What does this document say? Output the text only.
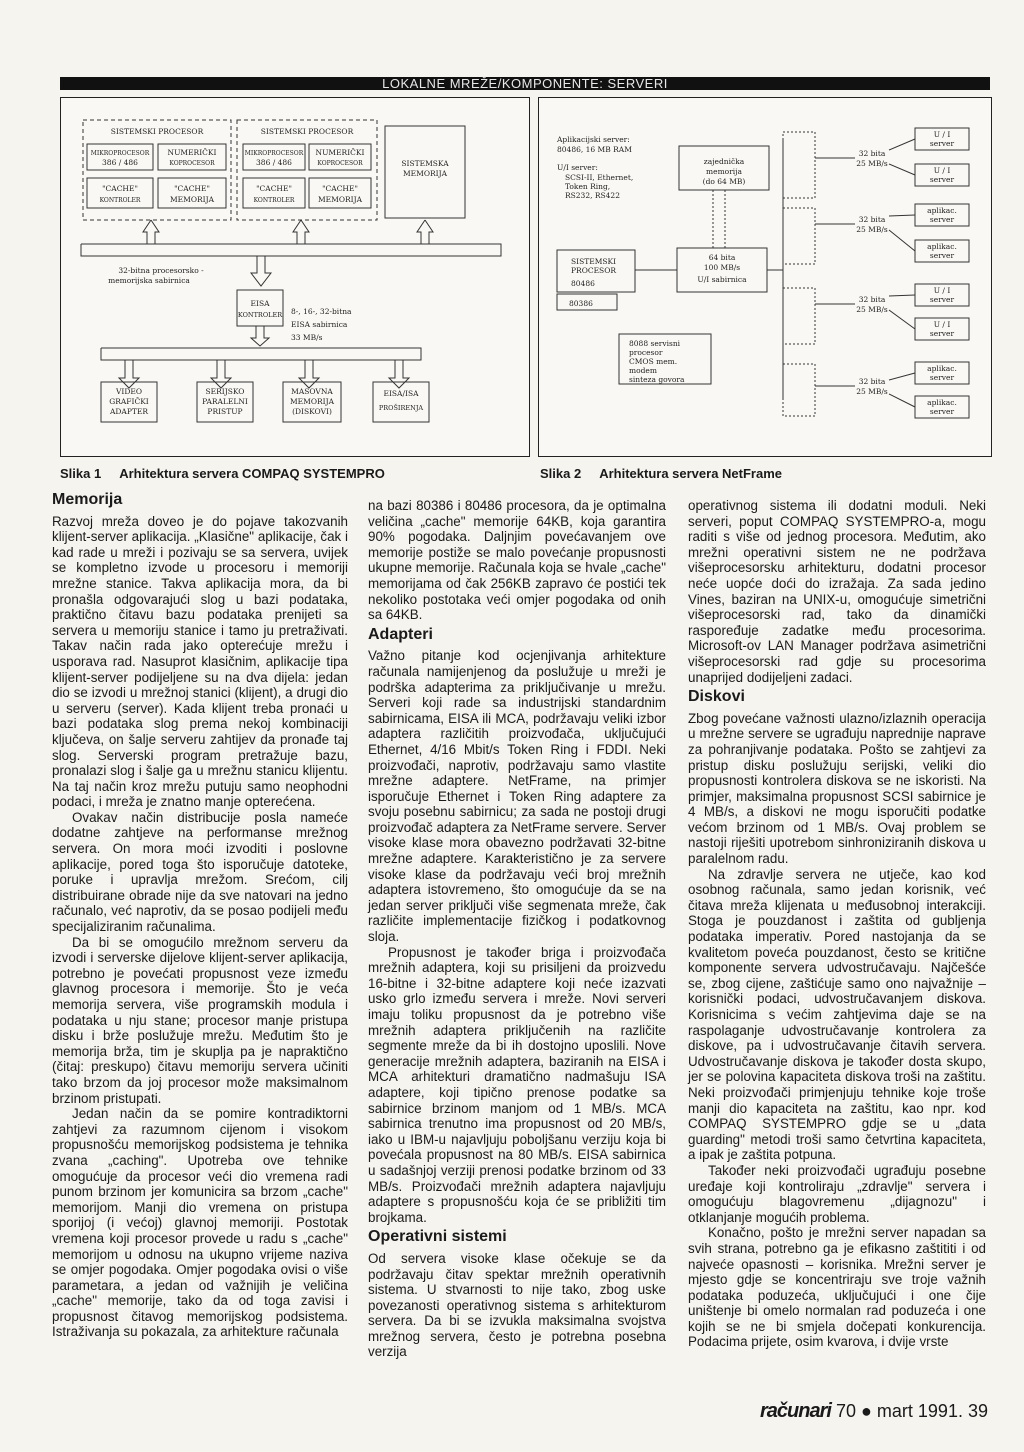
LOKALNE MREŽE/KOMPONENTE: SERVERI
SISTEMSKI PROCESOR	SISTEMSKI PROCESOR
MIKROPROCESOR
386 / 486
NUMERIČKI
KOPROCESOR
"CACHE"
KONTROLER
"CACHE"
MEMORIJA
MIKROPROCESOR
386 / 486
NUMERIČKI
KOPROCESOR
"CACHE"
KONTROLER
"CACHE"
MEMORIJA
SISTEMSKA
MEMORIJA
32-bitna procesorsko -
memorijska sabirnica
EISA
KONTROLER 8-, 16-, 32-bitna
EISA sabirnica
33 MB/s
VIDEO
GRAFIČKI
ADAPTER
SERIJSKO
PARALELNI
PRISTUP
MASOVNA
MEMORIJA
(DISKOVI)
EISA/ISA
PROŠIRENJA
Aplikacijski server:
80486, 16 MB RAM
U/I server:
SCSI-II, Ethernet,
Token Ring,
RS232, RS422
zajednička
memorija
(do 64 MB)
64 bita
100 MB/s
U/I sabirnica
SISTEMSKI
PROCESOR
80486
80386
8088 servisni
procesor
CMOS mem.
modem
sinteza govora
32 bita
25 MB/s
32 bita
25 MB/s
32 bita
25 MB/s
32 bita
25 MB/s
U / I
server
U / I
server
aplikac.
server
aplikac.
server
U / I
server
U / I
server
aplikac.
server
aplikac.
server
Slika 1 Arhitektura servera COMPAQ SYSTEMPRO	Slika 2 Arhitektura servera NetFrame
Memorija

Razvoj mreža doveo je do pojave takozvanih klijent-server aplikacija. „Klasične" aplikacije, čak i kad rade u mreži i pozivaju se sa servera, uvijek se kompletno izvode u procesoru i memoriji mrežne stanice. Takva aplikacija mora, da bi pronašla odgovarajući slog u bazi podataka, praktično čitavu bazu podataka prenijeti sa servera u memoriju stanice i tamo ju pretraživati. Takav način rada jako opterećuje mrežu i usporava rad. Nasuprot klasičnim, aplikacije tipa klijent-server podijeljene su na dva dijela: jedan dio se izvodi u mrežnoj stanici (klijent), a drugi dio u serveru (server). Kada klijent treba pronaći u bazi podataka slog prema nekoj kombinaciji ključeva, on šalje serveru zahtijev da pronađe taj slog. Serverski program pretražuje bazu, pronalazi slog i šalje ga u mrežnu stanicu klijentu. Na taj način kroz mrežu putuju samo neophodni podaci, i mreža je znatno manje opterećena.

Ovakav način distribucije posla nameće dodatne zahtjeve na performanse mrežnog servera. On mora moći izvoditi i poslovne aplikacije, pored toga što isporučuje datoteke, poruke i upravlja mrežom. Srećom, cilj distribuirane obrade nije da sve natovari na jedno računalo, već naprotiv, da se posao podijeli među specijaliziranim računalima.

Da bi se omogućilo mrežnom serveru da izvodi i serverske dijelove klijent-server aplikacija, potrebno je povećati propusnost veze između glavnog procesora i memorije. Što je veća memorija servera, više programskih modula i podataka u nju stane; procesor manje pristupa disku i brže poslužuje mrežu. Međutim što je memorija brža, tim je skuplja pa je napraktično (čitaj: preskupo) čitavu memoriju servera učiniti tako brzom da joj procesor može maksimalnom brzinom pristupati.

Jedan način da se pomire kontradiktorni zahtjevi za razumnom cijenom i visokom propusnošću memorijskog podsistema je tehnika zvana „caching". Upotreba ove tehnike omogućuje da procesor veći dio vremena radi punom brzinom jer komunicira sa brzom „cache" memorijom. Manji dio vremena on pristupa sporijoj (i većoj) glavnoj memoriji. Postotak vremena koji procesor provede u radu s „cache" memorijom u odnosu na ukupno vrijeme naziva se omjer pogodaka. Omjer pogodaka ovisi o više parametara, a jedan od važnijih je veličina „cache" memorije, tako da od toga zavisi i propusnost čitavog memorijskog podsistema. Istraživanja su pokazala, za arhitekture računala

na bazi 80386 i 80486 procesora, da je optimalna veličina „cache" memorije 64KB, koja garantira 90% pogodaka. Daljnjim povećavanjem ove memorije postiže se malo povećanje propusnosti ukupne memorije. Računala koja se hvale „cache" memorijama od čak 256KB zapravo će postići tek nekoliko postotaka veći omjer pogodaka od onih sa 64KB.

Adapteri

Važno pitanje kod ocjenjivanja arhitekture računala namijenjenog da poslužuje u mreži je podrška adapterima za priključivanje u mrežu. Serveri koji rade sa industrijski standardnim sabirnicama, EISA ili MCA, podržavaju veliki izbor adaptera različitih proizvođača, uključujući Ethernet, 4/16 Mbit/s Token Ring i FDDI. Neki proizvođači, naprotiv, podržavaju samo vlastite mrežne adaptere. NetFrame, na primjer isporučuje Ethernet i Token Ring adaptere za svoju posebnu sabirnicu; za sada ne postoji drugi proizvođač adaptera za NetFrame servere. Server visoke klase mora obavezno podržavati 32-bitne mrežne adaptere. Karakteristično je za servere visoke klase da podržavaju veći broj mrežnih adaptera istovremeno, što omogućuje da se na jedan server priključi više segmenata mreže, čak različite implementacije fizičkog i podatkovnog sloja.

Propusnost je također briga i proizvođača mrežnih adaptera, koji su prisiljeni da proizvedu 16-bitne i 32-bitne adaptere koji neće izazvati usko grlo između servera i mreže. Novi serveri imaju toliku propusnost da je potrebno više mrežnih adaptera priključenih na različite segmente mreže da bi ih dostojno uposlili. Nove generacije mrežnih adaptera, baziranih na EISA i MCA arhitekturi dramatično nadmašuju ISA adaptere, koji tipično prenose podatke sa sabirnice brzinom manjom od 1 MB/s. MCA sabirnica trenutno ima propusnost od 20 MB/s, iako u IBM-u najavljuju poboljšanu verziju koja bi povećala propusnost na 80 MB/s. EISA sabirnica u sadašnjoj verziji prenosi podatke brzinom od 33 MB/s. Proizvođači mrežnih adaptera najavljuju adaptere s propusnošću koja će se približiti tim brojkama.

Operativni sistemi

Od servera visoke klase očekuje se da podržavaju čitav spektar mrežnih operativnih sistema. U stvarnosti to nije tako, zbog uske povezanosti operativnog sistema s arhitekturom servera. Da bi se izvukla maksimalna svojstva mrežnog servera, često je potrebna posebna verzija

operativnog sistema ili dodatni moduli. Neki serveri, poput COMPAQ SYSTEMPRO-a, mogu raditi s više od jednog procesora. Međutim, ako mrežni operativni sistem ne ne podržava višeprocesorsku arhitekturu, dodatni procesor neće uopće doći do izražaja. Za sada jedino Vines, baziran na UNIX-u, omogućuje simetrični višeprocesorski rad, tako da dinamički raspoređuje zadatke među procesorima. Microsoft-ov LAN Manager podržava asimetrični višeprocesorski rad gdje su procesorima unaprijed dodijeljeni zadaci.

Diskovi

Zbog povećane važnosti ulazno/izlaznih operacija u mrežne servere se ugrađuju naprednije naprave za pohranjivanje podataka. Pošto se zahtjevi za pristup disku poslužuju serijski, veliki dio propusnosti kontrolera diskova se ne iskoristi. Na primjer, maksimalna propusnost SCSI sabirnice je 4 MB/s, a diskovi ne mogu isporučiti podatke većom brzinom od 1 MB/s. Ovaj problem se nastoji riješiti upotrebom sinhroniziranih diskova u paralelnom radu.

Na zdravlje servera ne utječe, kao kod osobnog računala, samo jedan korisnik, već čitava mreža klijenata u međusobnoj interakciji. Stoga je pouzdanost i zaštita od gubljenja podataka imperativ. Pored nastojanja da se kvalitetom poveća pouzdanost, često se kritične komponente servera udvostručavaju. Najčešće se, zbog cijene, zaštićuje samo ono najvažnije – korisnički podaci, udvostručavanjem diskova. Korisnicima s većim zahtjevima daje se na raspolaganje udvostručavanje kontrolera za diskove, pa i udvostručavanje čitavih servera. Udvostručavanje diskova je također dosta skupo, jer se polovina kapaciteta diskova troši na zaštitu. Neki proizvođači primjenjuju tehnike koje troše manji dio kapaciteta na zaštitu, kao npr. kod COMPAQ SYSTEMPRO gdje se u „data guarding" metodi troši samo četvrtina kapaciteta, a ipak je zaštita potpuna.

Također neki proizvođači ugrađuju posebne uređaje koji kontroliraju „zdravlje" servera i omogućuju blagovremenu „dijagnozu" i otklanjanje mogućih problema.

Konačno, pošto je mrežni server napadan sa svih strana, potrebno ga je efikasno zaštititi i od najveće opasnosti – korisnika. Mrežni server je mjesto gdje se koncentriraju sve troje važnih podataka poduzeća, uključujući i one čije uništenje bi omelo normalan rad poduzeća i one kojih se ne bi smjela dočepati konkurencija. Podacima prijete, osim kvarova, i dvije vrste

računari 70 ● mart 1991. 39
